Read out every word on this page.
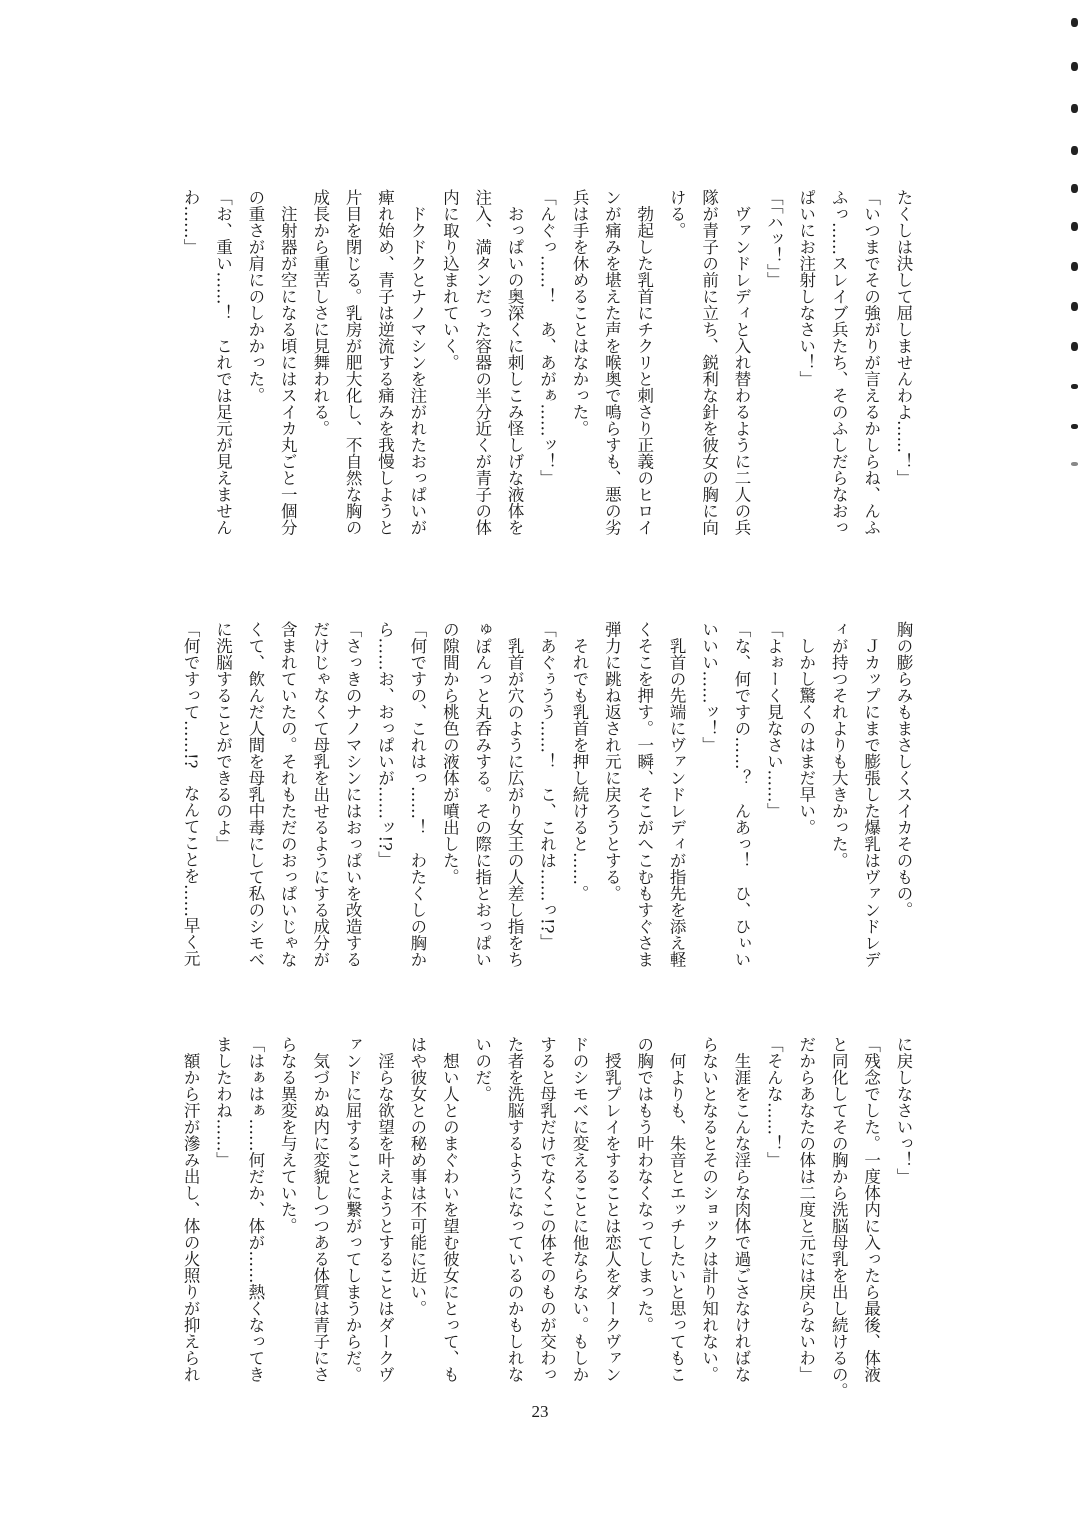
たくしは決して屈しませんわよ……！」
「いつまでその強がりが言えるかしらね、んふ
ふっ……スレイブ兵たち、そのふしだらなおっ
ぱいにお注射しなさい！」
「「ハッ！」」
　ヴァンドレディと入れ替わるように二人の兵
隊が青子の前に立ち、鋭利な針を彼女の胸に向
ける。
　勃起した乳首にチクリと刺さり正義のヒロイ
ンが痛みを堪えた声を喉奥で鳴らすも、悪の劣
兵は手を休めることはなかった。
「んぐっ……！　あ、あがぁ……ッ！」
　おっぱいの奥深くに刺しこみ怪しげな液体を
注入、満タンだった容器の半分近くが青子の体
内に取り込まれていく。
　ドクドクとナノマシンを注がれたおっぱいが
痺れ始め、青子は逆流する痛みを我慢しようと
片目を閉じる。乳房が肥大化し、不自然な胸の
成長から重苦しさに見舞われる。
　注射器が空になる頃にはスイカ丸ごと一個分
の重さが肩にのしかかった。
「お、重い……！　これでは足元が見えません
わ……」
胸の膨らみもまさしくスイカそのもの。
　Ｊカップにまで膨張した爆乳はヴァンドレデ
ィが持つそれよりも大きかった。
　しかし驚くのはまだ早い。
「よぉーく見なさい……」
「な、何ですの……？　んあっ！　ひ、ひぃい
いいい……ッ！」
　乳首の先端にヴァンドレディが指先を添え軽
くそこを押す。一瞬、そこがへこむもすぐさま
弾力に跳ね返され元に戻ろうとする。
　それでも乳首を押し続けると……。
「あぐぅうう……！　こ、これは……っ!?」
　乳首が穴のように広がり女王の人差し指をち
ゅぽんっと丸呑みする。その際に指とおっぱい
の隙間から桃色の液体が噴出した。
「何ですの、これはっ……！　わたくしの胸か
ら……お、おっぱいが……ッ!?」
「さっきのナノマシンにはおっぱいを改造する
だけじゃなくて母乳を出せるようにする成分が
含まれていたの。それもただのおっぱいじゃな
くて、飲んだ人間を母乳中毒にして私のシモベ
に洗脳することができるのよ」
「何ですって……!?　なんてことを……早く元
に戻しなさいっ！」
「残念でした。一度体内に入ったら最後、体液
と同化してその胸から洗脳母乳を出し続けるの。
だからあなたの体は二度と元には戻らないわ」
「そんな……！」
　生涯をこんな淫らな肉体で過ごさなければな
らないとなるとそのショックは計り知れない。
　何よりも、朱音とエッチしたいと思ってもこ
の胸ではもう叶わなくなってしまった。
　授乳プレイをすることは恋人をダークヴァン
ドのシモベに変えることに他ならない。もしか
すると母乳だけでなくこの体そのものが交わっ
た者を洗脳するようになっているのかもしれな
いのだ。
　想い人とのまぐわいを望む彼女にとって、も
はや彼女との秘め事は不可能に近い。
　淫らな欲望を叶えようとすることはダークヴ
ァンドに屈することに繋がってしまうからだ。
　気づかぬ内に変貌しつつある体質は青子にさ
らなる異変を与えていた。
「はぁはぁ……何だか、体が……熱くなってき
ましたわね……」
　額から汗が滲み出し、体の火照りが抑えられ
23
